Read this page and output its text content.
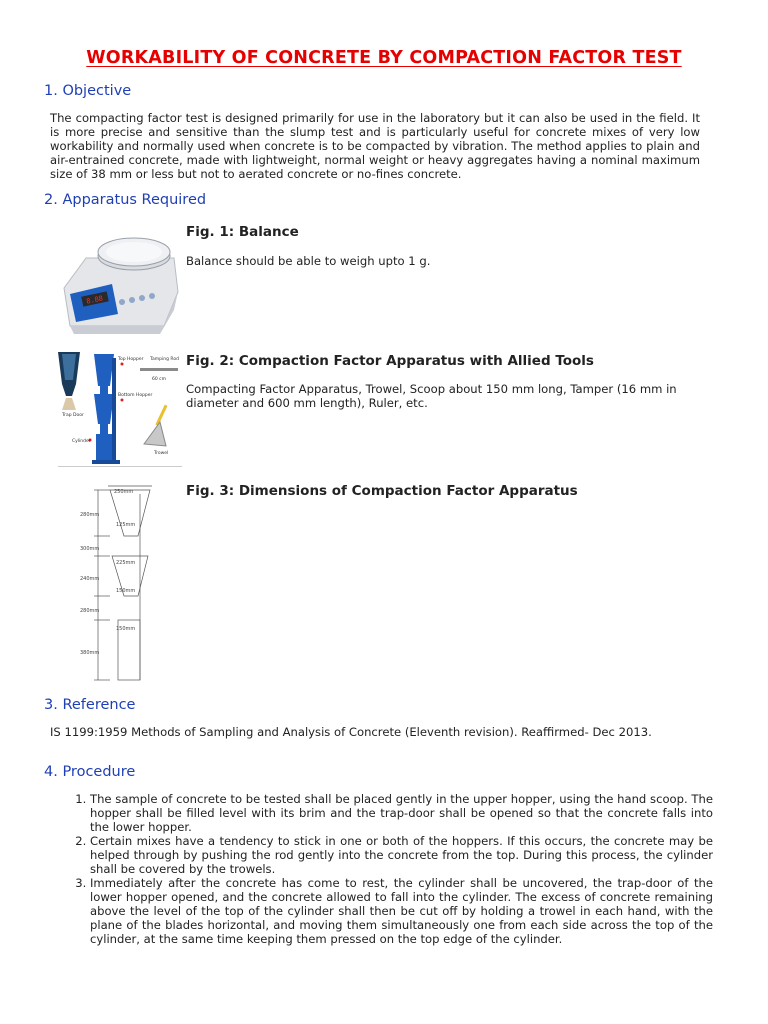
WORKABILITY OF CONCRETE BY COMPACTION FACTOR TEST
1. Objective
The compacting factor test is designed primarily for use in the laboratory but it can also be used in the field. It is more precise and sensitive than the slump test and is particularly useful for concrete mixes of very low workability and normally used when concrete is to be compacted by vibration. The method applies to plain and air-entrained concrete, made with lightweight, normal weight or heavy aggregates having a nominal maximum size of 38 mm or less but not to aerated concrete or no-fines concrete.
2. Apparatus Required
8.88
Fig. 1: Balance
Balance should be able to weigh upto 1 g.
Top Hopper Tamping Rod
Bottom Hopper
Trap Door
Cylinder
Trowel
60 cm
Fig. 2: Compaction Factor Apparatus with Allied Tools
Compacting Factor Apparatus, Trowel, Scoop about 150 mm long, Tamper (16 mm in diameter and 600 mm length), Ruler, etc.
250mm
280mm
125mm
300mm
225mm
240mm
150mm
280mm
150mm
380mm
Fig. 3: Dimensions of Compaction Factor Apparatus
3. Reference
IS 1199:1959 Methods of Sampling and Analysis of Concrete (Eleventh revision). Reaffirmed- Dec 2013.
4. Procedure
1. The sample of concrete to be tested shall be placed gently in the upper hopper, using the hand scoop. The hopper shall be filled level with its brim and the trap-door shall be opened so that the concrete falls into the lower hopper.
2. Certain mixes have a tendency to stick in one or both of the hoppers. If this occurs, the concrete may be helped through by pushing the rod gently into the concrete from the top. During this process, the cylinder shall be covered by the trowels.
3. Immediately after the concrete has come to rest, the cylinder shall be uncovered, the trap-door of the lower hopper opened, and the concrete allowed to fall into the cylinder. The excess of concrete remaining above the level of the top of the cylinder shall then be cut off by holding a trowel in each hand, with the plane of the blades horizontal, and moving them simultaneously one from each side across the top of the cylinder, at the same time keeping them pressed on the top edge of the cylinder.
